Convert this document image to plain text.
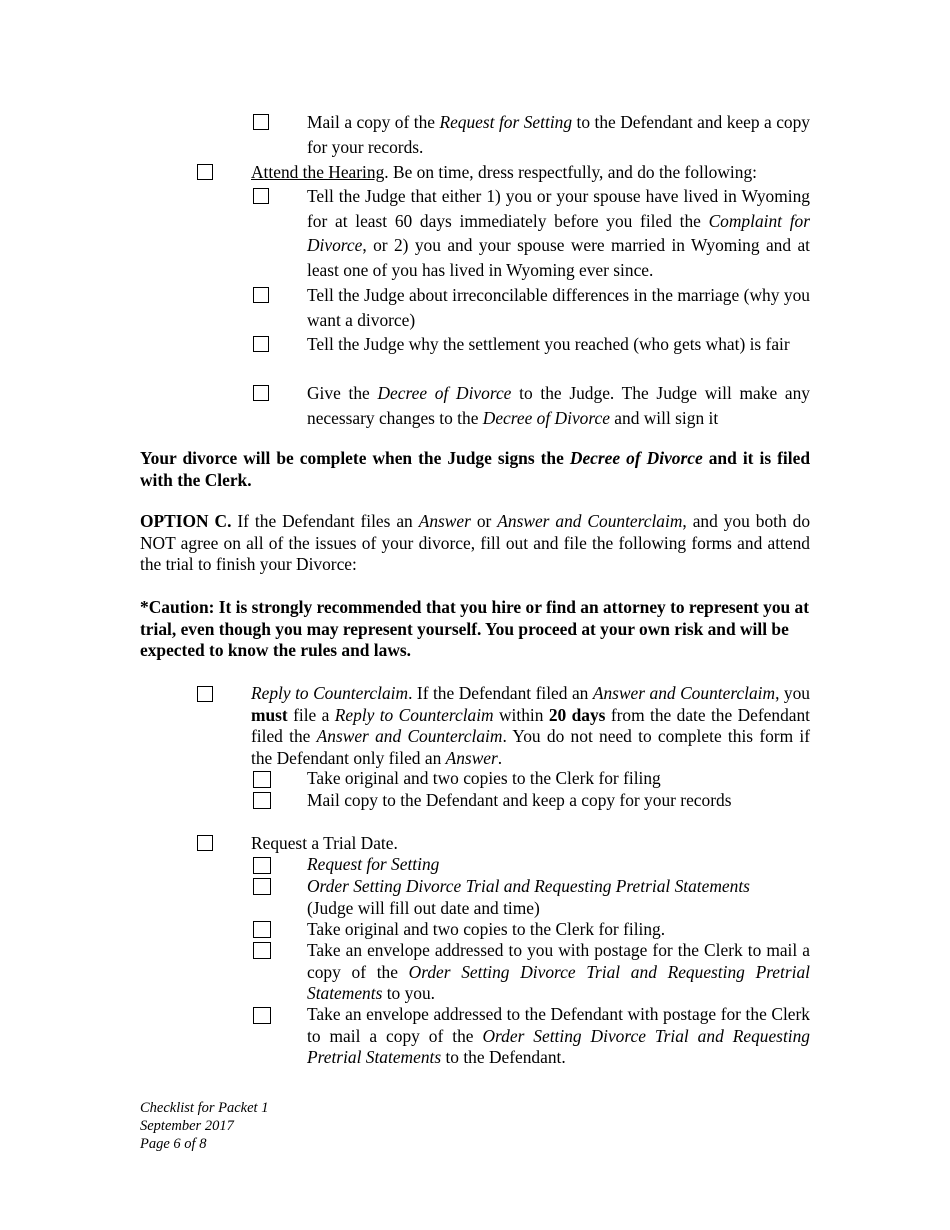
Mail a copy of the Request for Setting to the Defendant and keep a copy for your records.
Attend the Hearing. Be on time, dress respectfully, and do the following:
Tell the Judge that either 1) you or your spouse have lived in Wyoming for at least 60 days immediately before you filed the Complaint for Divorce, or 2) you and your spouse were married in Wyoming and at least one of you has lived in Wyoming ever since.
Tell the Judge about irreconcilable differences in the marriage (why you want a divorce)
Tell the Judge why the settlement you reached (who gets what) is fair
Give the Decree of Divorce to the Judge. The Judge will make any necessary changes to the Decree of Divorce and will sign it
Your divorce will be complete when the Judge signs the Decree of Divorce and it is filed with the Clerk.
OPTION C. If the Defendant files an Answer or Answer and Counterclaim, and you both do NOT agree on all of the issues of your divorce, fill out and file the following forms and attend the trial to finish your Divorce:
*Caution: It is strongly recommended that you hire or find an attorney to represent you at trial, even though you may represent yourself. You proceed at your own risk and will be expected to know the rules and laws.
Reply to Counterclaim. If the Defendant filed an Answer and Counterclaim, you must file a Reply to Counterclaim within 20 days from the date the Defendant filed the Answer and Counterclaim. You do not need to complete this form if the Defendant only filed an Answer.
Take original and two copies to the Clerk for filing
Mail copy to the Defendant and keep a copy for your records
Request a Trial Date.
Request for Setting
Order Setting Divorce Trial and Requesting Pretrial Statements
(Judge will fill out date and time)
Take original and two copies to the Clerk for filing.
Take an envelope addressed to you with postage for the Clerk to mail a copy of the Order Setting Divorce Trial and Requesting Pretrial Statements to you.
Take an envelope addressed to the Defendant with postage for the Clerk to mail a copy of the Order Setting Divorce Trial and Requesting Pretrial Statements to the Defendant.
Checklist for Packet 1
September 2017
Page 6 of 8
